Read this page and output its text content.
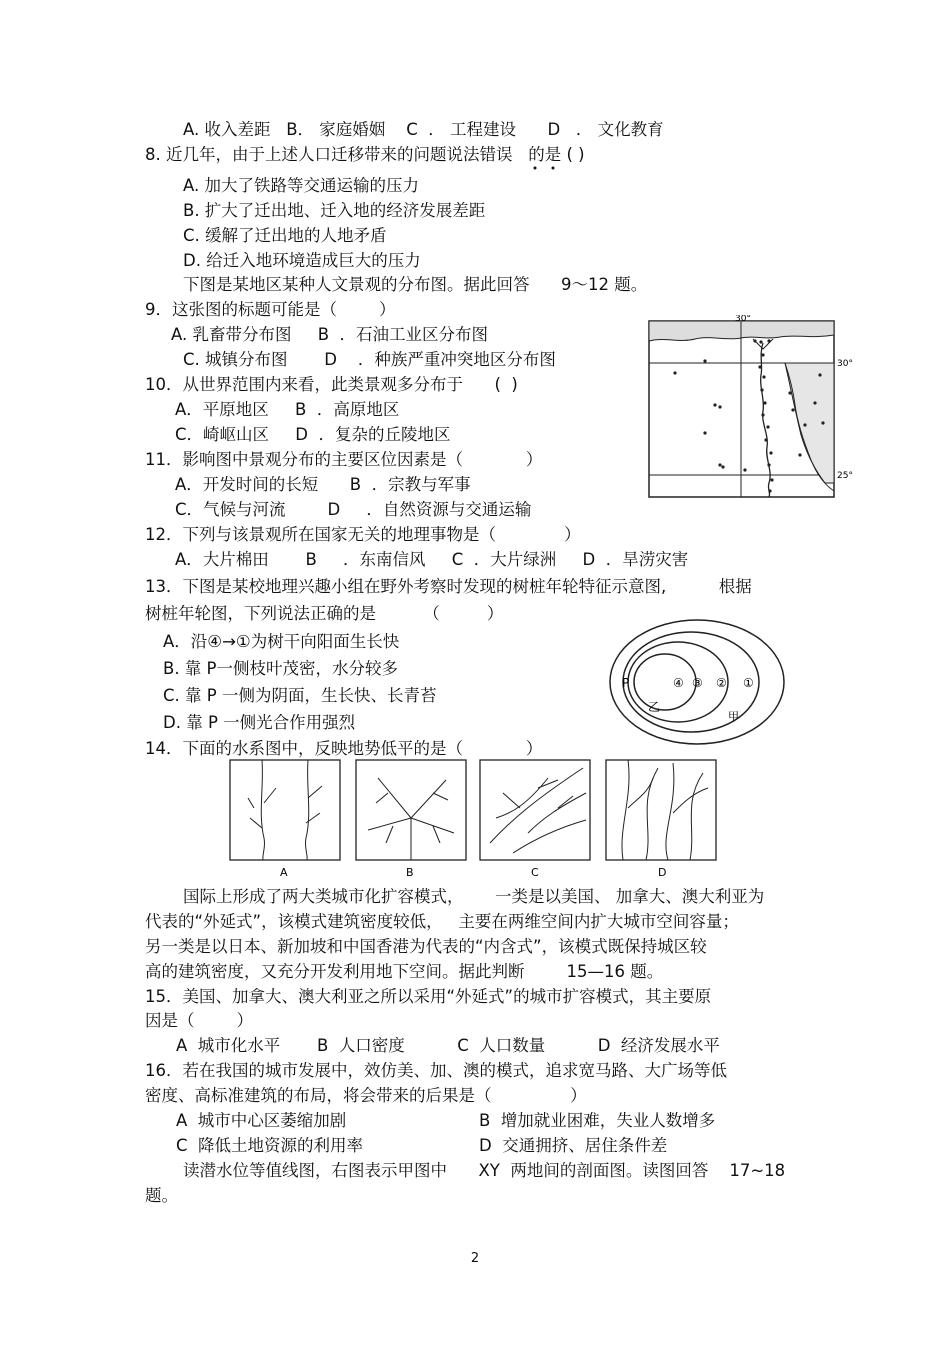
A. 收入差距   B． 家庭婚姻    C  ． 工程建设      D   ． 文化教育
8. 近几年，由于上述人口迁移带来的问题说法错误   的是 ( )
A. 加大了铁路等交通运输的压力
B. 扩大了迁出地、迁入地的经济发展差距
C. 缓解了迁出地的人地矛盾
D. 给迁入地环境造成巨大的压力
下图是某地区某种人文景观的分布图。据此回答      9～12 题。
9．这张图的标题可能是（        ）
A. 乳畜带分布图     B  ．石油工业区分布图
C. 城镇分布图       D    ．种族严重冲突地区分布图
10．从世界范围内来看，此类景观多分布于      (  )
A．平原地区     B  ．高原地区
C．崎岖山区     D  ．复杂的丘陵地区
11．影响图中景观分布的主要区位因素是（            ）
A．开发时间的长短      B  ．宗教与军事
C．气候与河流        D     ．自然资源与交通运输
12．下列与该景观所在国家无关的地理事物是（             ）
A．大片棉田       B     ．东南信风     C  ．大片绿洲     D  ．旱涝灾害
13．下图是某校地理兴趣小组在野外考察时发现的树桩年轮特征示意图,          根据
树桩年轮图，下列说法正确的是         （         ）
A．沿④→①为树干向阳面生长快
B. 靠 P一侧枝叶茂密，水分较多
C. 靠 P 一侧为阴面，生长快、长青苔
D. 靠 P 一侧光合作用强烈
14．下面的水系图中，反映地势低平的是（            ）
国际上形成了两大类城市化扩容模式，      一类是以美国、 加拿大、澳大利亚为
代表的“外延式”，该模式建筑密度较低，   主要在两维空间内扩大城市空间容量；
另一类是以日本、新加坡和中国香港为代表的“内含式”，该模式既保持城区较
高的建筑密度，又充分开发利用地下空间。据此判断        15—16 题。
15．美国、加拿大、澳大利亚之所以采用“外延式”的城市扩容模式，其主要原
因是（        ）
A  城市化水平       B  人口密度          C  人口数量          D  经济发展水平
16．若在我国的城市发展中，效仿美、加、澳的模式，追求宽马路、大广场等低
密度、高标准建筑的布局，将会带来的后果是（               ）
A  城市中心区萎缩加剧	B  增加就业困难，失业人数增多
C  降低土地资源的利用率	D  交通拥挤、居住条件差
读潜水位等值线图，右图表示甲图中      XY  两地间的剖面图。读图回答    17~18
题。
30°
30°
25°
④ ③ ② ①
P
乙
甲
A	B	C	D
2
